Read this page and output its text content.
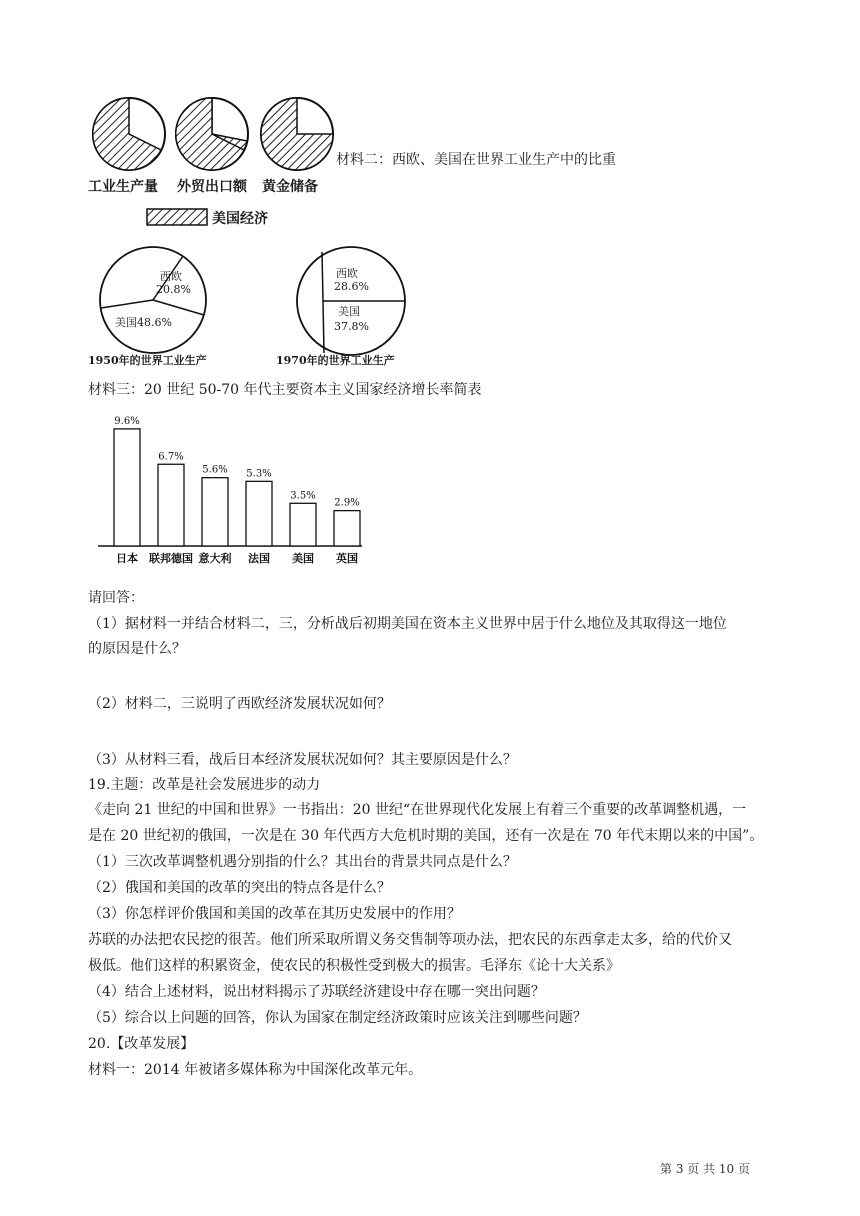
工业生产量 外贸出口额 黄金储备
材料二：西欧、美国在世界工业生产中的比重
美国经济
西欧
20.8%
美国48.6%
1950年的世界工业生产
西欧
28.6%
美国
37.8%
1970年的世界工业生产
材料三：20 世纪 50-70 年代主要资本主义国家经济增长率简表
9.6%
日本
6.7%
联邦德国
5.6%
意大利
5.3%
法国
3.5%
美国
2.9%
英国
请回答：
（1）据材料一并结合材料二，三，分析战后初期美国在资本主义世界中居于什么地位及其取得这一地位
的原因是什么？
（2）材料二，三说明了西欧经济发展状况如何？
（3）从材料三看，战后日本经济发展状况如何？其主要原因是什么？
19.主题：改革是社会发展进步的动力
《走向 21 世纪的中国和世界》一书指出：20 世纪“在世界现代化发展上有着三个重要的改革调整机遇，一
是在 20 世纪初的俄国，一次是在 30 年代西方大危机时期的美国，还有一次是在 70 年代末期以来的中国”。
（1）三次改革调整机遇分别指的什么？其出台的背景共同点是什么？
（2）俄国和美国的改革的突出的特点各是什么？
（3）你怎样评价俄国和美国的改革在其历史发展中的作用？
苏联的办法把农民挖的很苦。他们所采取所谓义务交售制等项办法，把农民的东西拿走太多，给的代价又
极低。他们这样的积累资金，使农民的积极性受到极大的损害。毛泽东《论十大关系》
（4）结合上述材料，说出材料揭示了苏联经济建设中存在哪一突出问题？
（5）综合以上问题的回答，你认为国家在制定经济政策时应该关注到哪些问题？
20.【改革发展】
材料一：2014 年被诸多媒体称为中国深化改革元年。
第 3 页 共 10 页
